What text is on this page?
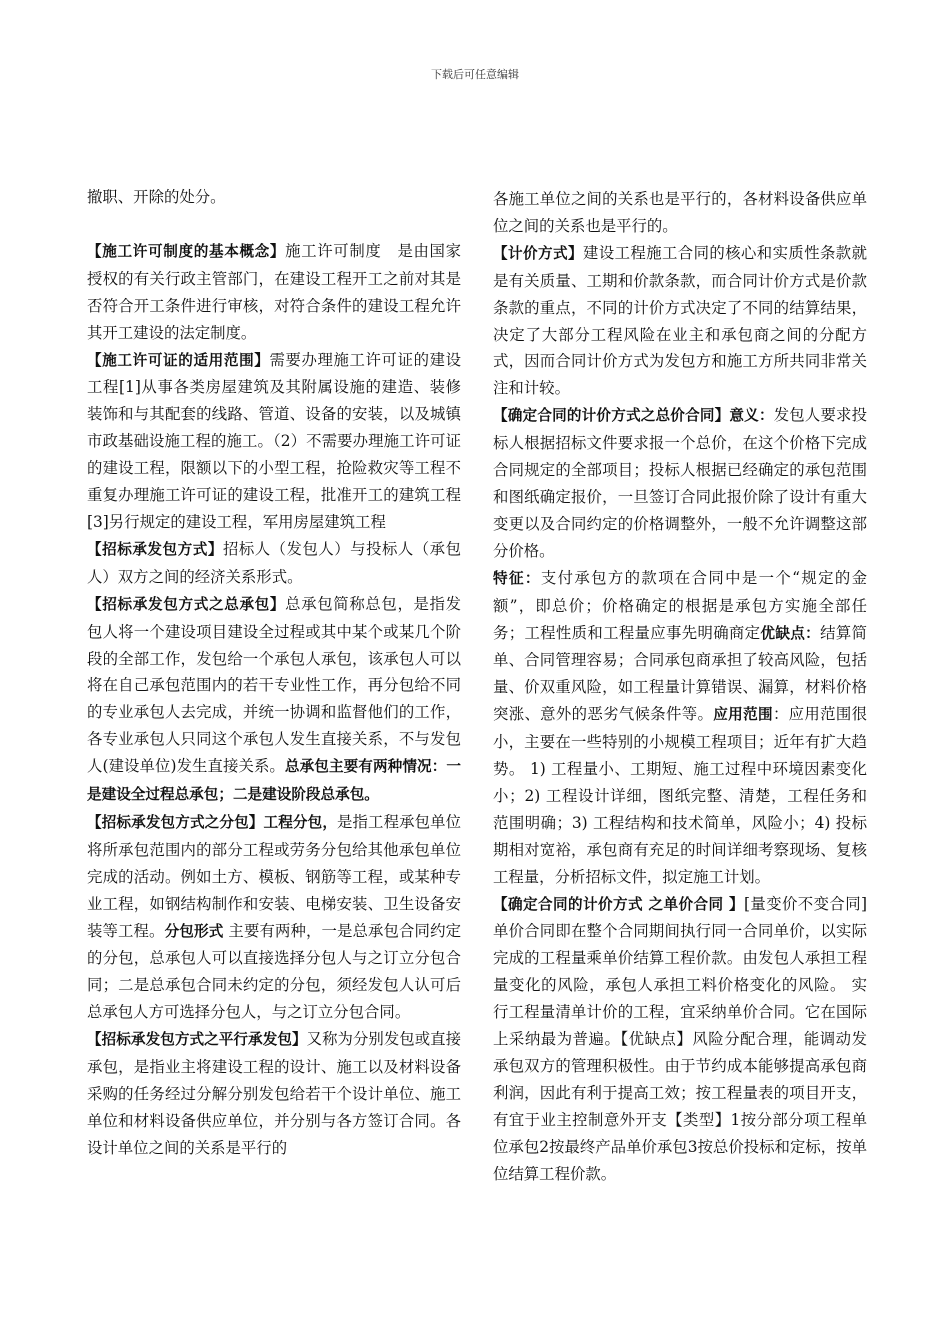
下载后可任意编辑

撤职、开除的处分。

【施工许可制度的基本概念】施工许可制度　是由国家授权的有关行政主管部门，在建设工程开工之前对其是否符合开工条件进行审核，对符合条件的建设工程允许其开工建设的法定制度。

【施工许可证的适用范围】需要办理施工许可证的建设工程[1]从事各类房屋建筑及其附属设施的建造、装修装饰和与其配套的线路、管道、设备的安装，以及城镇市政基础设施工程的施工。（2）不需要办理施工许可证的建设工程，限额以下的小型工程，抢险救灾等工程不重复办理施工许可证的建设工程，批准开工的建筑工程[3]另行规定的建设工程，军用房屋建筑工程

【招标承发包方式】招标人（发包人）与投标人（承包人）双方之间的经济关系形式。

【招标承发包方式之总承包】总承包简称总包，是指发包人将一个建设项目建设全过程或其中某个或某几个阶段的全部工作，发包给一个承包人承包，该承包人可以将在自己承包范围内的若干专业性工作，再分包给不同的专业承包人去完成，并统一协调和监督他们的工作，各专业承包人只同这个承包人发生直接关系，不与发包人(建设单位)发生直接关系。总承包主要有两种情况：一是建设全过程总承包；二是建设阶段总承包。

【招标承发包方式之分包】工程分包，是指工程承包单位将所承包范围内的部分工程或劳务分包给其他承包单位完成的活动。例如土方、模板、钢筋等工程，或某种专业工程，如钢结构制作和安装、电梯安装、卫生设备安装等工程。分包形式 主要有两种，一是总承包合同约定的分包，总承包人可以直接选择分包人与之订立分包合同；二是总承包合同未约定的分包，须经发包人认可后总承包人方可选择分包人，与之订立分包合同。

【招标承发包方式之平行承发包】又称为分别发包或直接承包，是指业主将建设工程的设计、施工以及材料设备采购的任务经过分解分别发包给若干个设计单位、施工单位和材料设备供应单位，并分别与各方签订合同。各设计单位之间的关系是平行的

各施工单位之间的关系也是平行的，各材料设备供应单位之间的关系也是平行的。

【计价方式】建设工程施工合同的核心和实质性条款就是有关质量、工期和价款条款，而合同计价方式是价款条款的重点，不同的计价方式决定了不同的结算结果，决定了大部分工程风险在业主和承包商之间的分配方式，因而合同计价方式为发包方和施工方所共同非常关注和计较。

【确定合同的计价方式之总价合同】意义：发包人要求投标人根据招标文件要求报一个总价，在这个价格下完成合同规定的全部项目；投标人根据已经确定的承包范围和图纸确定报价，一旦签订合同此报价除了设计有重大变更以及合同约定的价格调整外，一般不允许调整这部分价格。

特征：支付承包方的款项在合同中是一个“规定的金额”，即总价；价格确定的根据是承包方实施全部任务；工程性质和工程量应事先明确商定优缺点：结算简单、合同管理容易；合同承包商承担了较高风险，包括量、价双重风险，如工程量计算错误、漏算，材料价格突涨、意外的恶劣气候条件等。应用范围：应用范围很小，主要在一些特别的小规模工程项目；近年有扩大趋势。 1) 工程量小、工期短、施工过程中环境因素变化小；2) 工程设计详细，图纸完整、清楚，工程任务和范围明确；3) 工程结构和技术简单，风险小；4) 投标期相对宽裕，承包商有充足的时间详细考察现场、复核工程量，分析招标文件，拟定施工计划。

【确定合同的计价方式 之单价合同 】[量变价不变合同]单价合同即在整个合同期间执行同一合同单价，以实际完成的工程量乘单价结算工程价款。由发包人承担工程量变化的风险，承包人承担工料价格变化的风险。 实行工程量清单计价的工程，宜采纳单价合同。它在国际上采纳最为普遍。【优缺点】风险分配合理，能调动发承包双方的管理积极性。由于节约成本能够提高承包商利润，因此有利于提高工效；按工程量表的项目开支，有宜于业主控制意外开支【类型】1按分部分项工程单位承包2按最终产品单价承包3按总价投标和定标，按单位结算工程价款。
